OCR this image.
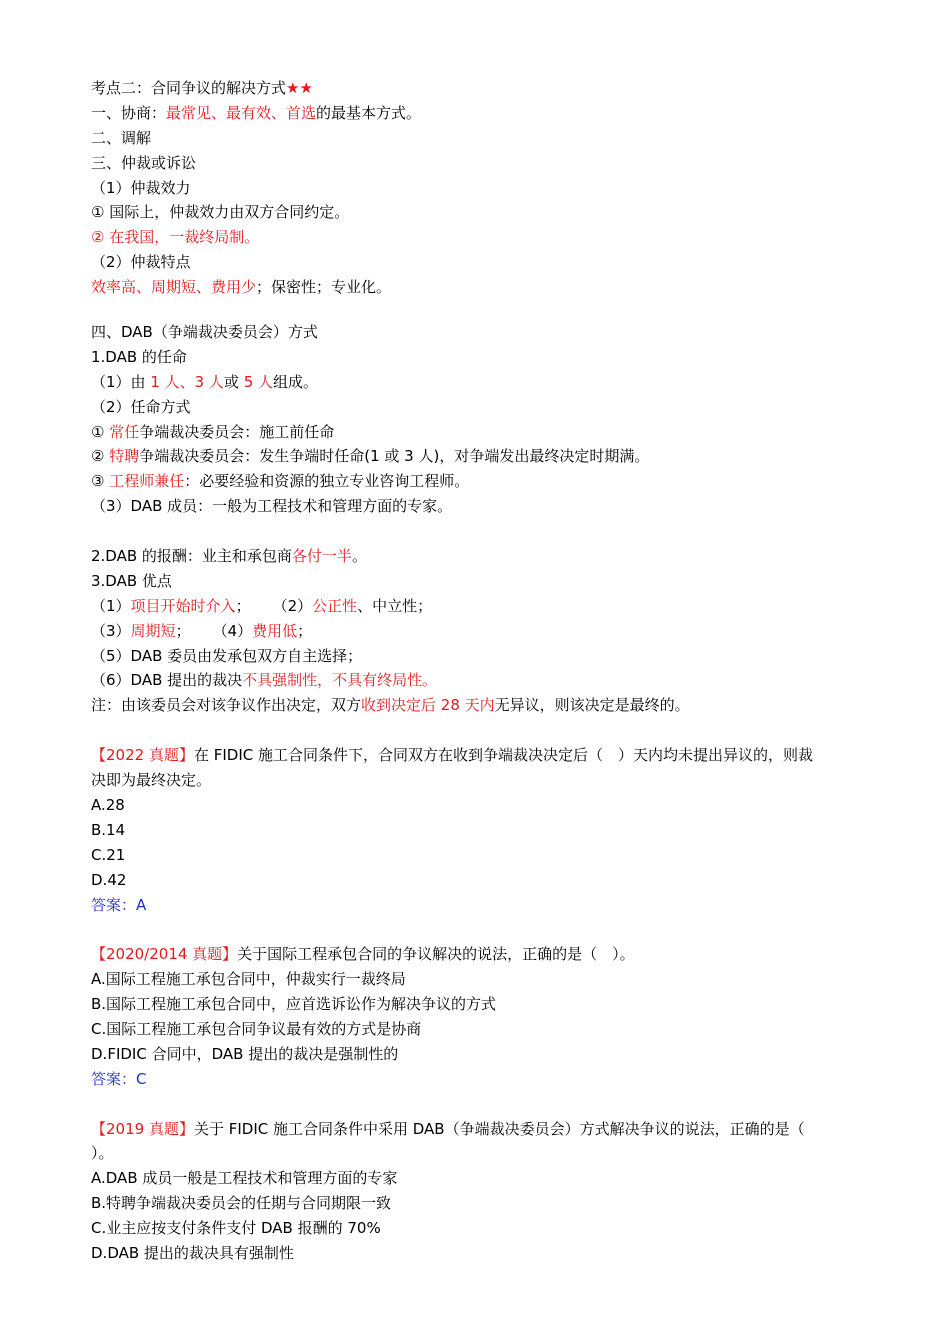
考点二：合同争议的解决方式★★
一、协商：最常见、最有效、首选的最基本方式。
二、调解
三、仲裁或诉讼
（1）仲裁效力
① 国际上，仲裁效力由双方合同约定。
② 在我国，一裁终局制。
（2）仲裁特点
效率高、周期短、费用少；保密性；专业化。
四、DAB（争端裁决委员会）方式
1.DAB 的任命
（1）由 1 人、3 人或 5 人组成。
（2）任命方式
① 常任争端裁决委员会：施工前任命
② 特聘争端裁决委员会：发生争端时任命(1 或 3 人)，对争端发出最终决定时期满。
③ 工程师兼任：必要经验和资源的独立专业咨询工程师。
（3）DAB 成员：一般为工程技术和管理方面的专家。
2.DAB 的报酬：业主和承包商各付一半。
3.DAB 优点
（1）项目开始时介入； （2）公正性、中立性；
（3）周期短； （4）费用低；
（5）DAB 委员由发承包双方自主选择；
（6）DAB 提出的裁决不具强制性，不具有终局性。
注：由该委员会对该争议作出决定，双方收到决定后 28 天内无异议，则该决定是最终的。
【2022 真题】在 FIDIC 施工合同条件下，合同双方在收到争端裁决决定后（　）天内均未提出异议的，则裁
决即为最终决定。
A.28
B.14
C.21
D.42
答案：A
【2020/2014 真题】关于国际工程承包合同的争议解决的说法，正确的是（　）。
A.国际工程施工承包合同中，仲裁实行一裁终局
B.国际工程施工承包合同中，应首选诉讼作为解决争议的方式
C.国际工程施工承包合同争议最有效的方式是协商
D.FIDIC 合同中，DAB 提出的裁决是强制性的
答案：C
【2019 真题】关于 FIDIC 施工合同条件中采用 DAB（争端裁决委员会）方式解决争议的说法，正确的是（
）。
A.DAB 成员一般是工程技术和管理方面的专家
B.特聘争端裁决委员会的任期与合同期限一致
C.业主应按支付条件支付 DAB 报酬的 70%
D.DAB 提出的裁决具有强制性
